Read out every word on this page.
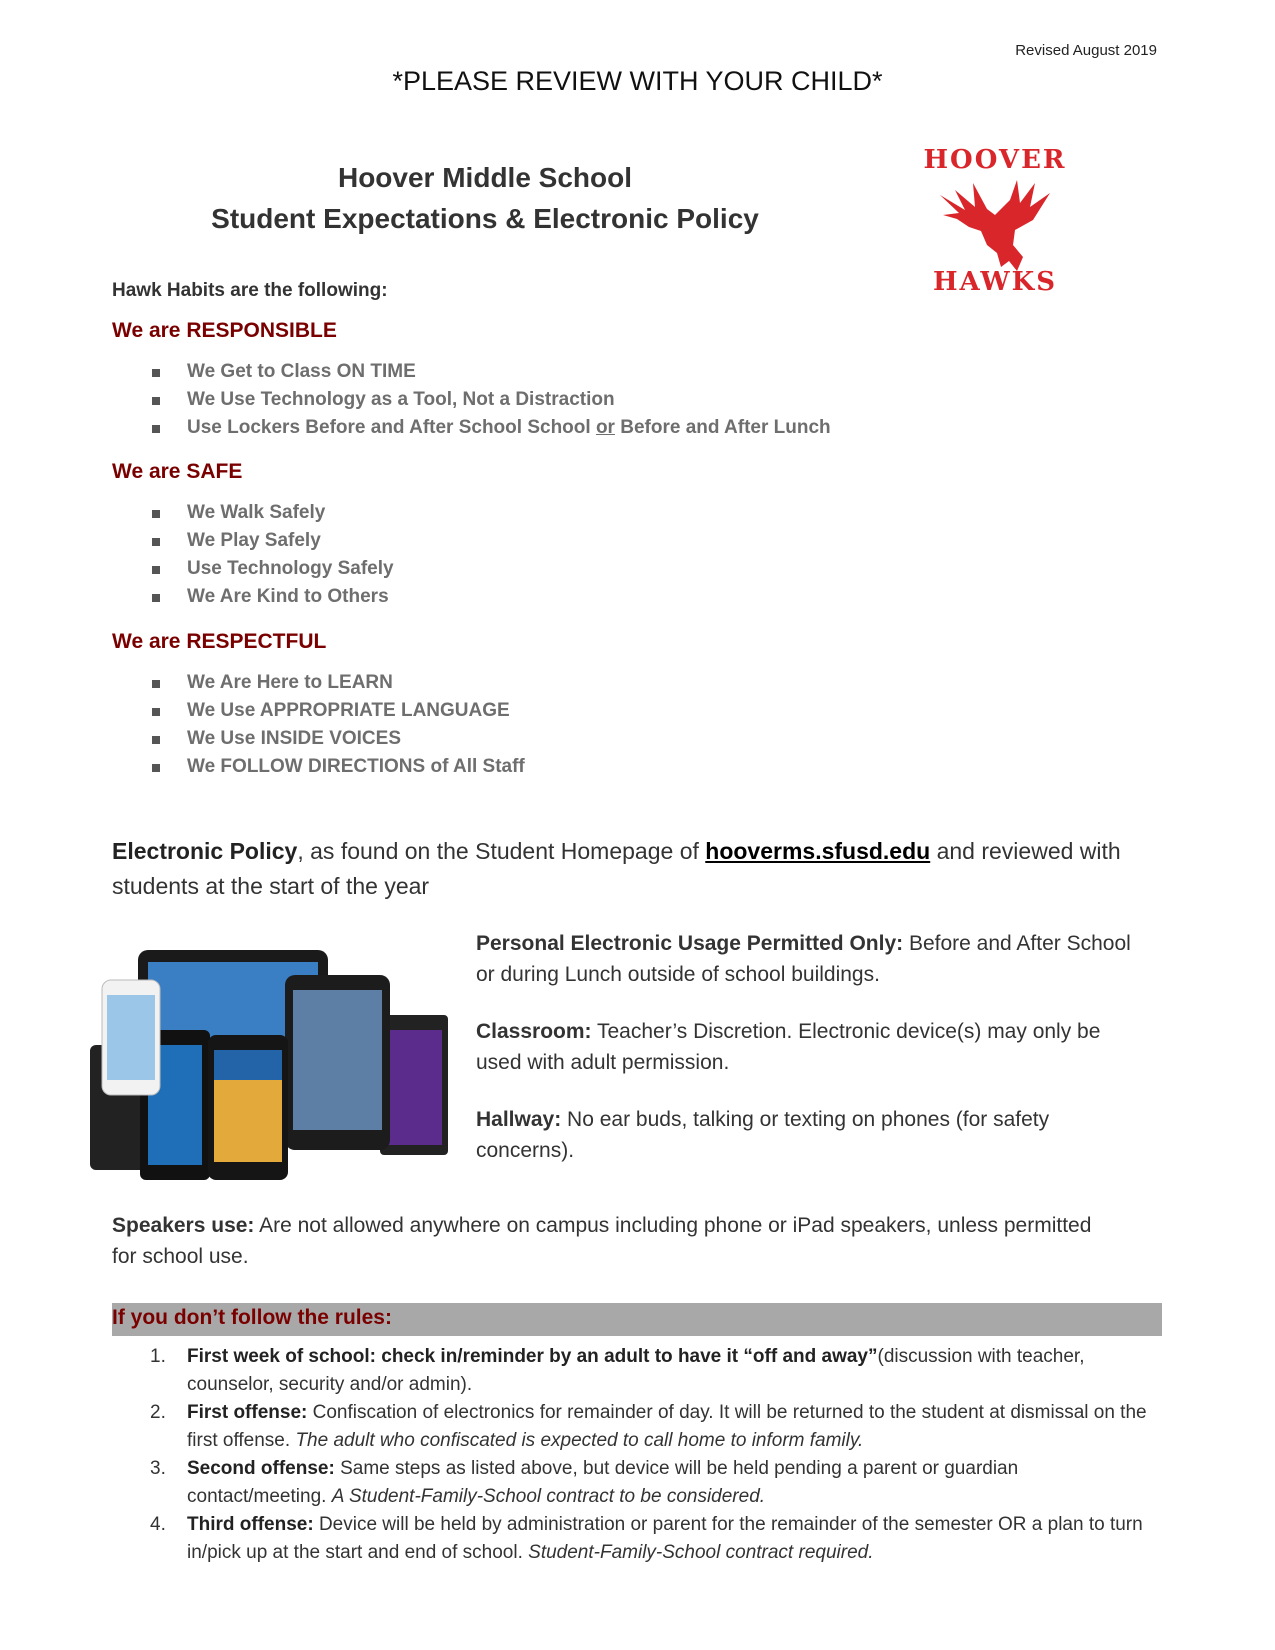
Revised August 2019
*PLEASE REVIEW WITH YOUR CHILD*
Hoover Middle School
Student Expectations & Electronic Policy
HOOVER
HAWKS
Hawk Habits are the following:
We are RESPONSIBLE
We Get to Class ON TIME
We Use Technology as a Tool, Not a Distraction
Use Lockers Before and After School School or Before and After Lunch
We are SAFE
We Walk Safely
We Play Safely
Use Technology Safely
We Are Kind to Others
We are RESPECTFUL
We Are Here to LEARN
We Use APPROPRIATE LANGUAGE
We Use INSIDE VOICES
We FOLLOW DIRECTIONS of All Staff
Electronic Policy, as found on the Student Homepage of hooverms.sfusd.edu and reviewed with students at the start of the year
Personal Electronic Usage Permitted Only: Before and After School or during Lunch outside of school buildings.
Classroom: Teacher’s Discretion. Electronic device(s) may only be used with adult permission.
Hallway: No ear buds, talking or texting on phones (for safety concerns).
Speakers use: Are not allowed anywhere on campus including phone or iPad speakers, unless permitted for school use.
If you don’t follow the rules:
1. First week of school: check in/reminder by an adult to have it “off and away”(discussion with teacher, counselor, security and/or admin).
2. First offense: Confiscation of electronics for remainder of day. It will be returned to the student at dismissal on the first offense. The adult who confiscated is expected to call home to inform family.
3. Second offense: Same steps as listed above, but device will be held pending a parent or guardian contact/meeting. A Student-Family-School contract to be considered.
4. Third offense: Device will be held by administration or parent for the remainder of the semester OR a plan to turn in/pick up at the start and end of school. Student-Family-School contract required.
